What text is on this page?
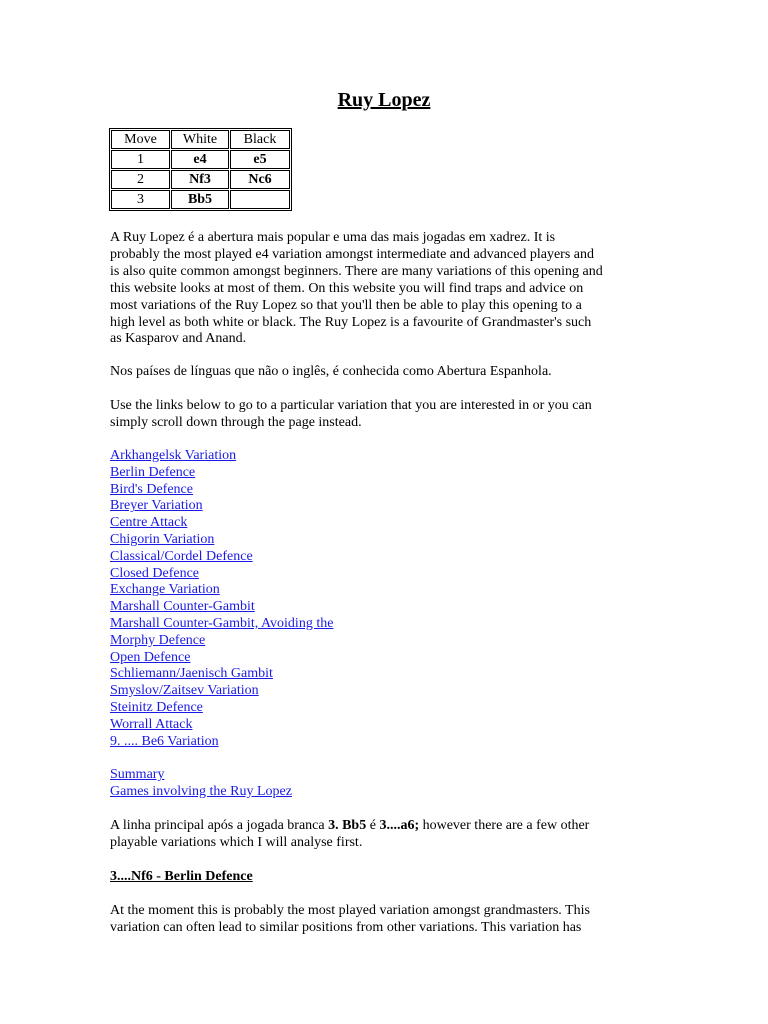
Ruy Lopez
Move	White	Black
1	e4	e5
2	Nf3	Nc6
3	Bb5	
A Ruy Lopez é a abertura mais popular e uma das mais jogadas em xadrez. It is
probably the most played e4 variation amongst intermediate and advanced players and
is also quite common amongst beginners. There are many variations of this opening and
this website looks at most of them. On this website you will find traps and advice on
most variations of the Ruy Lopez so that you'll then be able to play this opening to a
high level as both white or black. The Ruy Lopez is a favourite of Grandmaster's such
as Kasparov and Anand.
Nos países de línguas que não o inglês, é conhecida como Abertura Espanhola.
Use the links below to go to a particular variation that you are interested in or you can
simply scroll down through the page instead.
Arkhangelsk Variation
Berlin Defence
Bird's Defence
Breyer Variation
Centre Attack
Chigorin Variation
Classical/Cordel Defence
Closed Defence
Exchange Variation
Marshall Counter-Gambit
Marshall Counter-Gambit, Avoiding the
Morphy Defence
Open Defence
Schliemann/Jaenisch Gambit
Smyslov/Zaitsev Variation
Steinitz Defence
Worrall Attack
9. .... Be6 Variation
Summary
Games involving the Ruy Lopez
A linha principal após a jogada branca 3. Bb5 é 3....a6; however there are a few other
playable variations which I will analyse first.
3....Nf6 - Berlin Defence
At the moment this is probably the most played variation amongst grandmasters. This
variation can often lead to similar positions from other variations. This variation has
